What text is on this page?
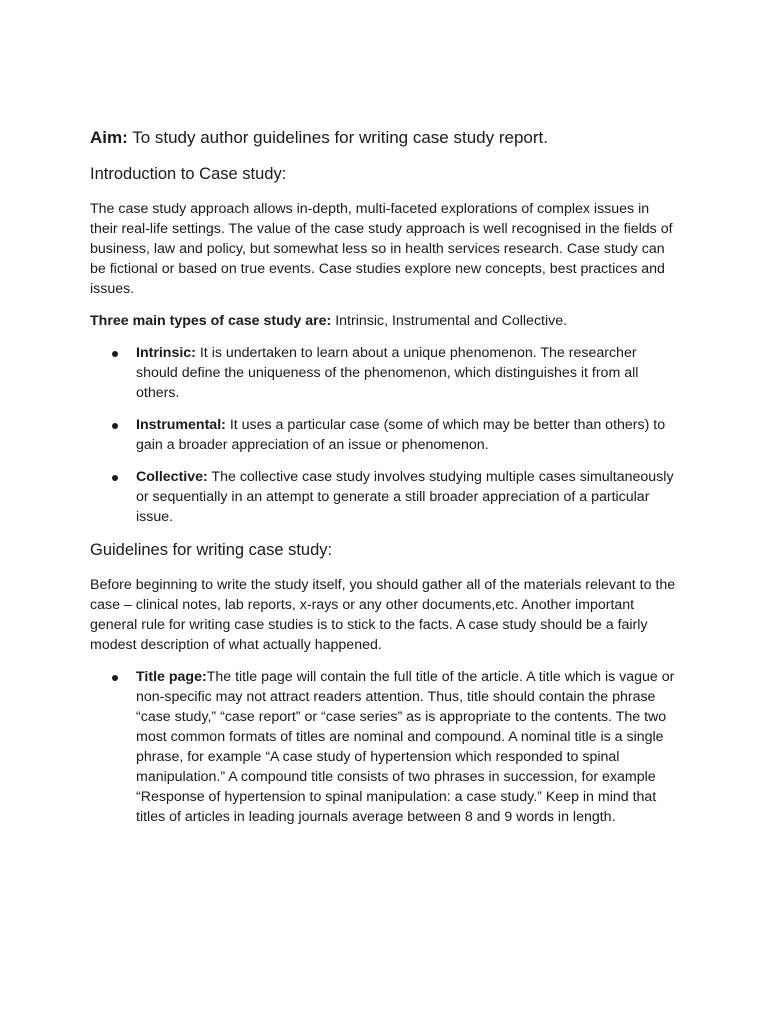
Aim: To study author guidelines for writing case study report.
Introduction to Case study:

The case study approach allows in-depth, multi-faceted explorations of complex issues in their real-life settings. The value of the case study approach is well recognised in the fields of business, law and policy, but somewhat less so in health services research. Case study can be fictional or based on true events. Case studies explore new concepts, best practices and issues.

Three main types of case study are: Intrinsic, Instrumental and Collective.

Intrinsic: It is undertaken to learn about a unique phenomenon. The researcher should define the uniqueness of the phenomenon, which distinguishes it from all others.
Instrumental: It uses a particular case (some of which may be better than others) to gain a broader appreciation of an issue or phenomenon.
Collective: The collective case study involves studying multiple cases simultaneously or sequentially in an attempt to generate a still broader appreciation of a particular issue.
Guidelines for writing case study:

Before beginning to write the study itself, you should gather all of the materials relevant to the case – clinical notes, lab reports, x-rays or any other documents,etc. Another important general rule for writing case studies is to stick to the facts. A case study should be a fairly modest description of what actually happened.

Title page:The title page will contain the full title of the article. A title which is vague or non-specific may not attract readers attention. Thus, title should contain the phrase “case study,” “case report” or “case series” as is appropriate to the contents. The two most common formats of titles are nominal and compound. A nominal title is a single phrase, for example “A case study of hypertension which responded to spinal manipulation.” A compound title consists of two phrases in succession, for example “Response of hypertension to spinal manipulation: a case study.” Keep in mind that titles of articles in leading journals average between 8 and 9 words in length.
